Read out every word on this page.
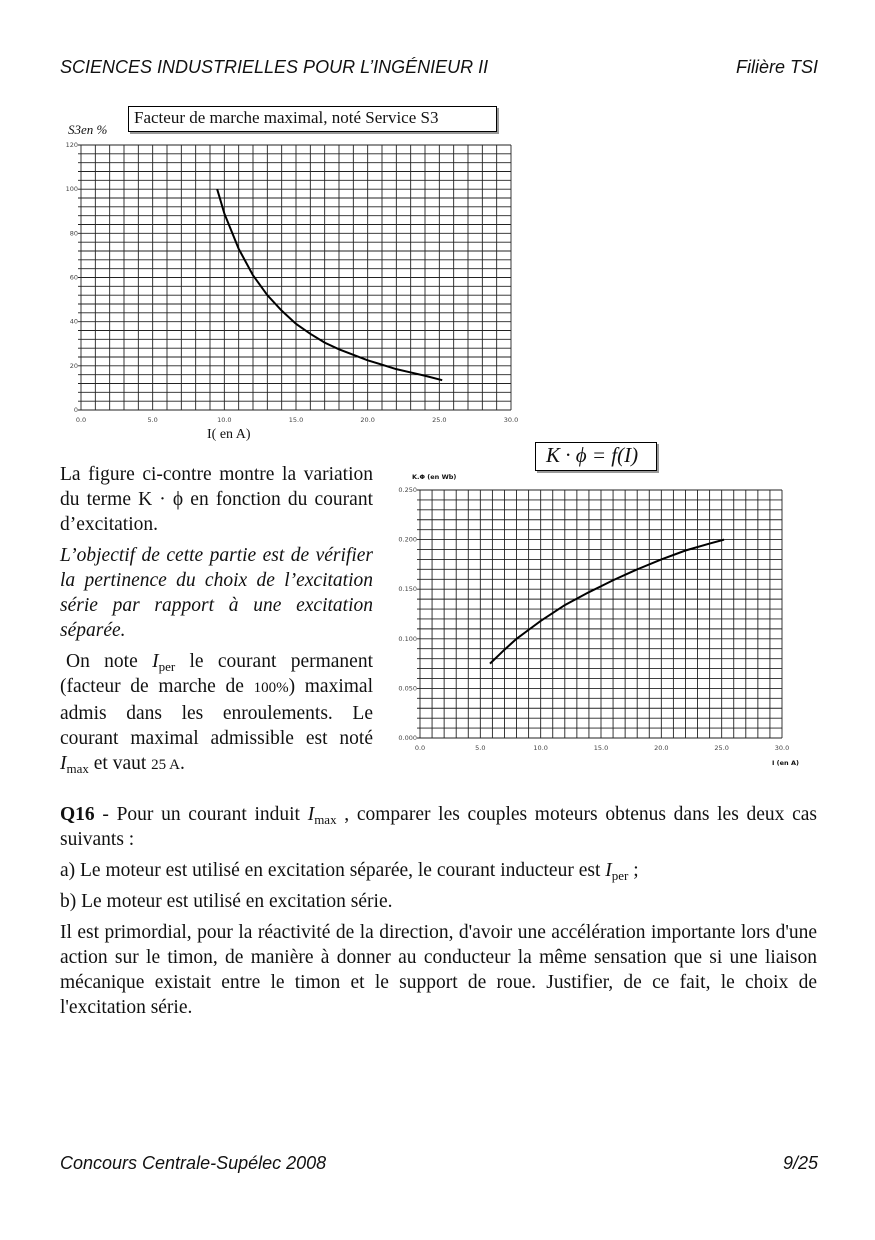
SCIENCES INDUSTRIELLES POUR L’INGÉNIEUR II	Filière TSI
Facteur de marche maximal, noté Service S3
S3en %
I( en A)
0.0	5.0	10.0	15.0	20.0	25.0	30.0
0
20
40
60
80
100
120
0.0	5.0	10.0	15.0	20.0	25.0	30.0
0.000
0.050
0.100
0.150
0.200
0.250
K · ϕ = f(I)
K.Φ (en Wb)
I (en A)

La figure ci-contre montre la variation du terme K · ϕ en fonction du courant d’excitation.

L’objectif de cette partie est de vérifier la pertinence du choix de l’excitation série par rapport à une excitation séparée.

On note $I_{per}$ le courant permanent (facteur de marche de 100%) maximal admis dans les enroulements. Le courant maximal admissible est noté $I_{max}$ et vaut 25 A.

Q16 - Pour un courant induit $I_{max}$ , comparer les couples moteurs obtenus dans les deux cas suivants :
a) Le moteur est utilisé en excitation séparée, le courant inducteur est $I_{per}$ ;
b) Le moteur est utilisé en excitation série.
Il est primordial, pour la réactivité de la direction, d'avoir une accélération importante lors d'une action sur le timon, de manière à donner au conducteur la même sensation que si une liaison mécanique existait entre le timon et le support de roue. Justifier, de ce fait, le choix de l'excitation série.
Concours Centrale-Supélec 2008	9/25
